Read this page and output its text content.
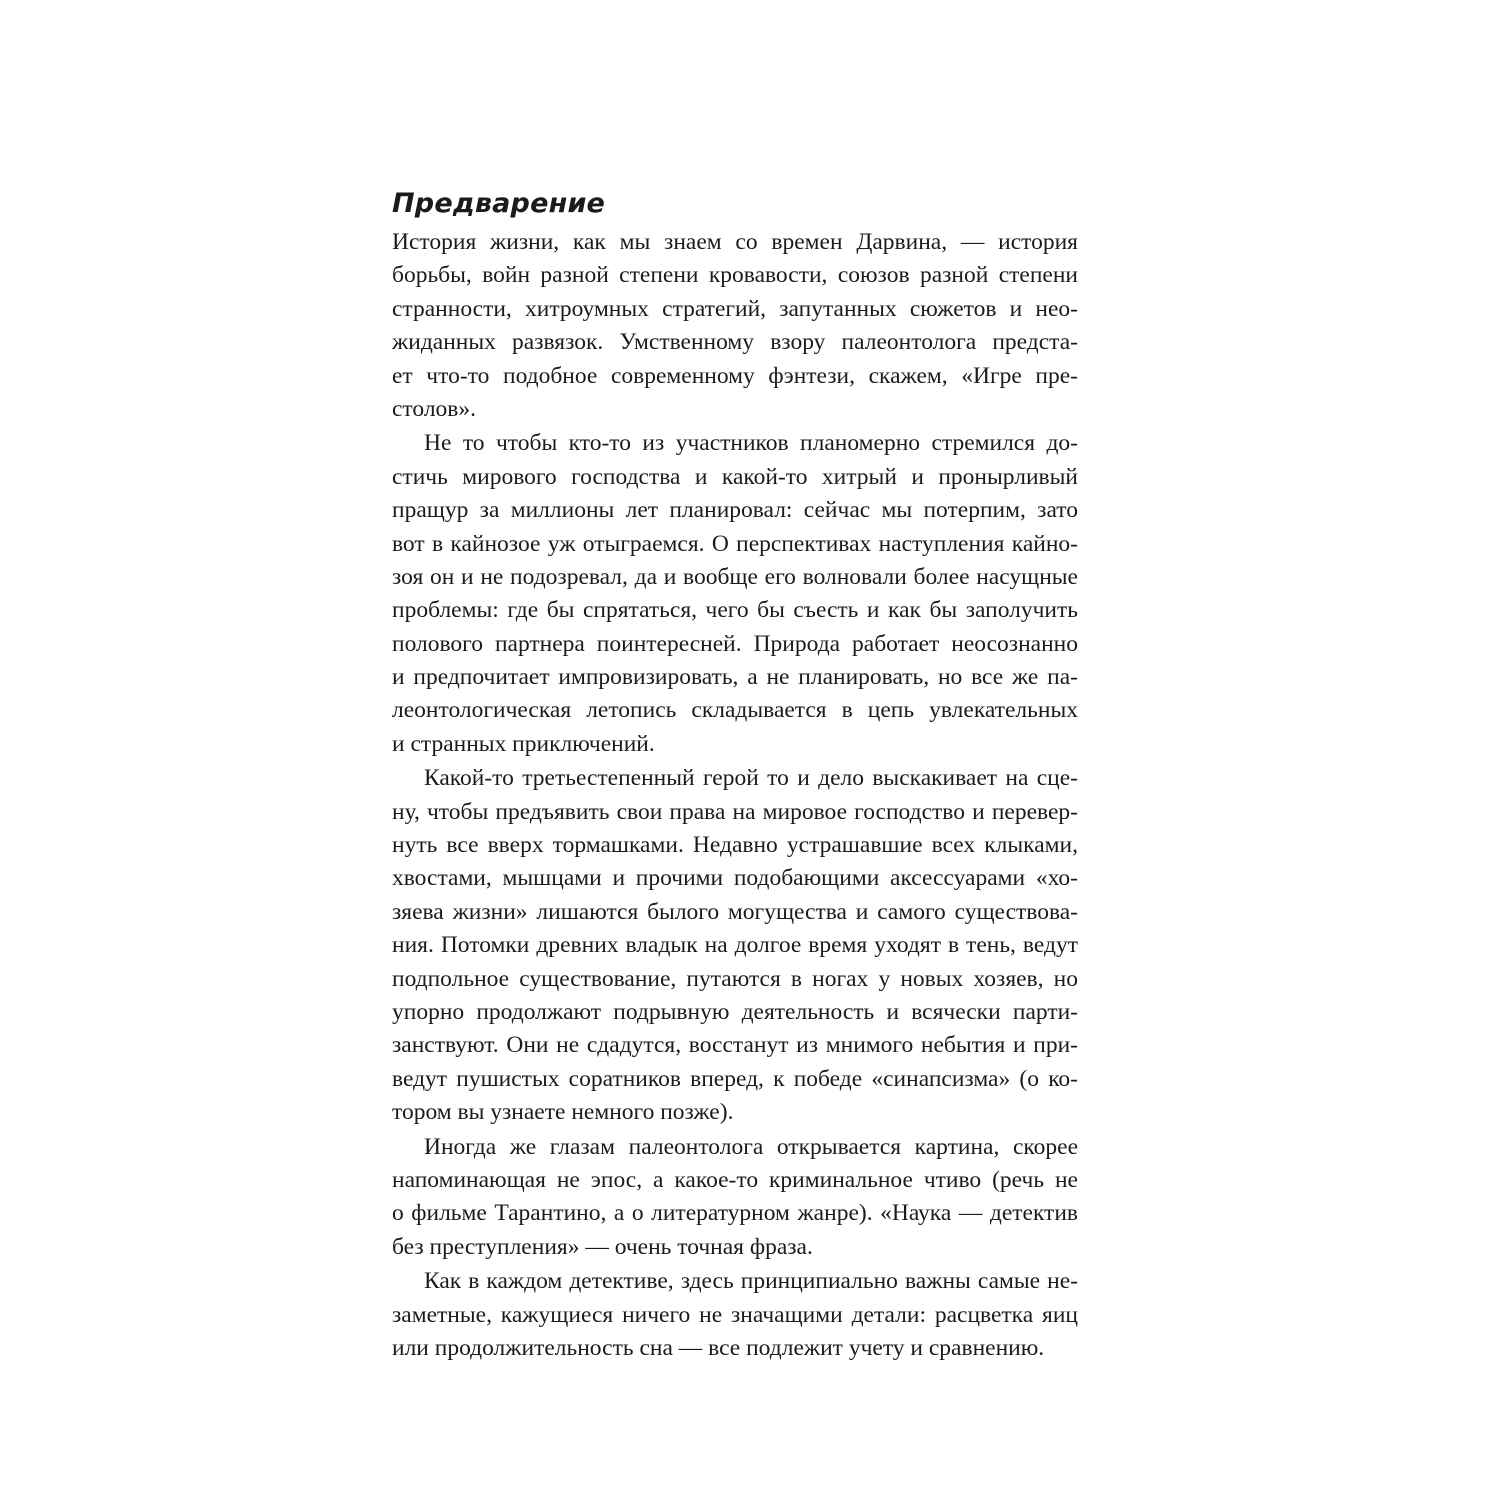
Предварение

История жизни, как мы знаем со времен Дарвина, — история
борьбы, войн разной степени кровавости, союзов разной степени
странности, хитроумных стратегий, запутанных сюжетов и нео-
жиданных развязок. Умственному взору палеонтолога предста-
ет что-то подобное современному фэнтези, скажем, «Игре пре-
столов».

Не то чтобы кто-то из участников планомерно стремился до-
стичь мирового господства и какой-то хитрый и пронырливый
пращур за миллионы лет планировал: сейчас мы потерпим, зато
вот в кайнозое уж отыграемся. О перспективах наступления кайно-
зоя он и не подозревал, да и вообще его волновали более насущные
проблемы: где бы спрятаться, чего бы съесть и как бы заполучить
полового партнера поинтересней. Природа работает неосознанно
и предпочитает импровизировать, а не планировать, но все же па-
леонтологическая летопись складывается в цепь увлекательных
и странных приключений.

Какой-то третьестепенный герой то и дело выскакивает на сце-
ну, чтобы предъявить свои права на мировое господство и перевер-
нуть все вверх тормашками. Недавно устрашавшие всех клыками,
хвостами, мышцами и прочими подобающими аксессуарами «хо-
зяева жизни» лишаются былого могущества и самого существова-
ния. Потомки древних владык на долгое время уходят в тень, ведут
подпольное существование, путаются в ногах у новых хозяев, но
упорно продолжают подрывную деятельность и всячески парти-
занствуют. Они не сдадутся, восстанут из мнимого небытия и при-
ведут пушистых соратников вперед, к победе «синапсизма» (о ко-
тором вы узнаете немного позже).

Иногда же глазам палеонтолога открывается картина, скорее
напоминающая не эпос, а какое-то криминальное чтиво (речь не
о фильме Тарантино, а о литературном жанре). «Наука — детектив
без преступления» — очень точная фраза.

Как в каждом детективе, здесь принципиально важны самые не-
заметные, кажущиеся ничего не значащими детали: расцветка яиц
или продолжительность сна — все подлежит учету и сравнению.
